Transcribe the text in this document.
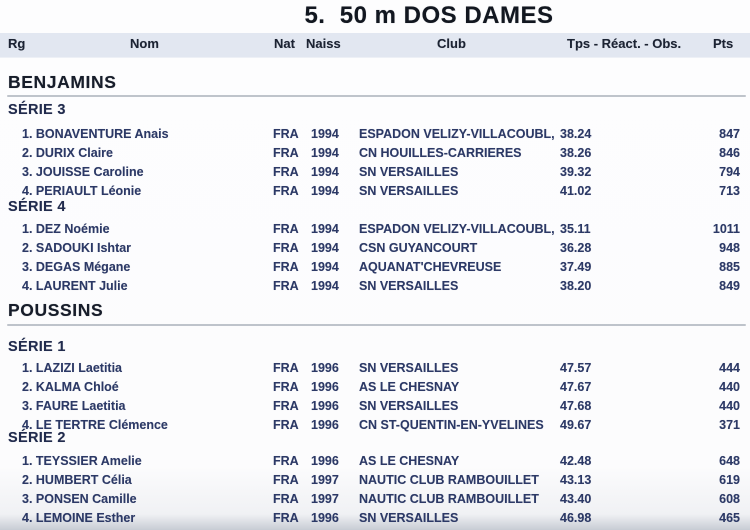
5.  50 m DOS DAMES
Rg	Nom	Nat Naiss	Club	Tps - Réact. - Obs. Pts
BENJAMINS
SÉRIE 3
1. BONAVENTURE Anais	FRA 1994	ESPADON VELIZY-VILLACOUBL, 38.24	847
2. DURIX Claire	FRA 1994	CN HOUILLES-CARRIERES	38.26	846
3. JOUISSE Caroline	FRA 1994	SN VERSAILLES	39.32	794
4. PERIAULT Léonie	FRA 1994	SN VERSAILLES	41.02	713
SÉRIE 4
1. DEZ Noémie	FRA 1994	ESPADON VELIZY-VILLACOUBL, 35.11	1011
2. SADOUKI Ishtar	FRA 1994	CSN GUYANCOURT	36.28	948
3. DEGAS Mégane	FRA 1994	AQUANAT'CHEVREUSE	37.49	885
4. LAURENT Julie	FRA 1994	SN VERSAILLES	38.20	849
POUSSINS
SÉRIE 1
1. LAZIZI Laetitia	FRA 1996	SN VERSAILLES	47.57	444
2. KALMA Chloé	FRA 1996	AS LE CHESNAY	47.67	440
3. FAURE Laetitia	FRA 1996	SN VERSAILLES	47.68	440
4. LE TERTRE Clémence	FRA 1996	CN ST-QUENTIN-EN-YVELINES	49.67	371
SÉRIE 2
1. TEYSSIER Amelie	FRA 1996	AS LE CHESNAY	42.48	648
2. HUMBERT Célia	FRA 1997	NAUTIC CLUB RAMBOUILLET	43.13	619
3. PONSEN Camille	FRA 1997	NAUTIC CLUB RAMBOUILLET	43.40	608
4. LEMOINE Esther	FRA 1996	SN VERSAILLES	46.98	465
